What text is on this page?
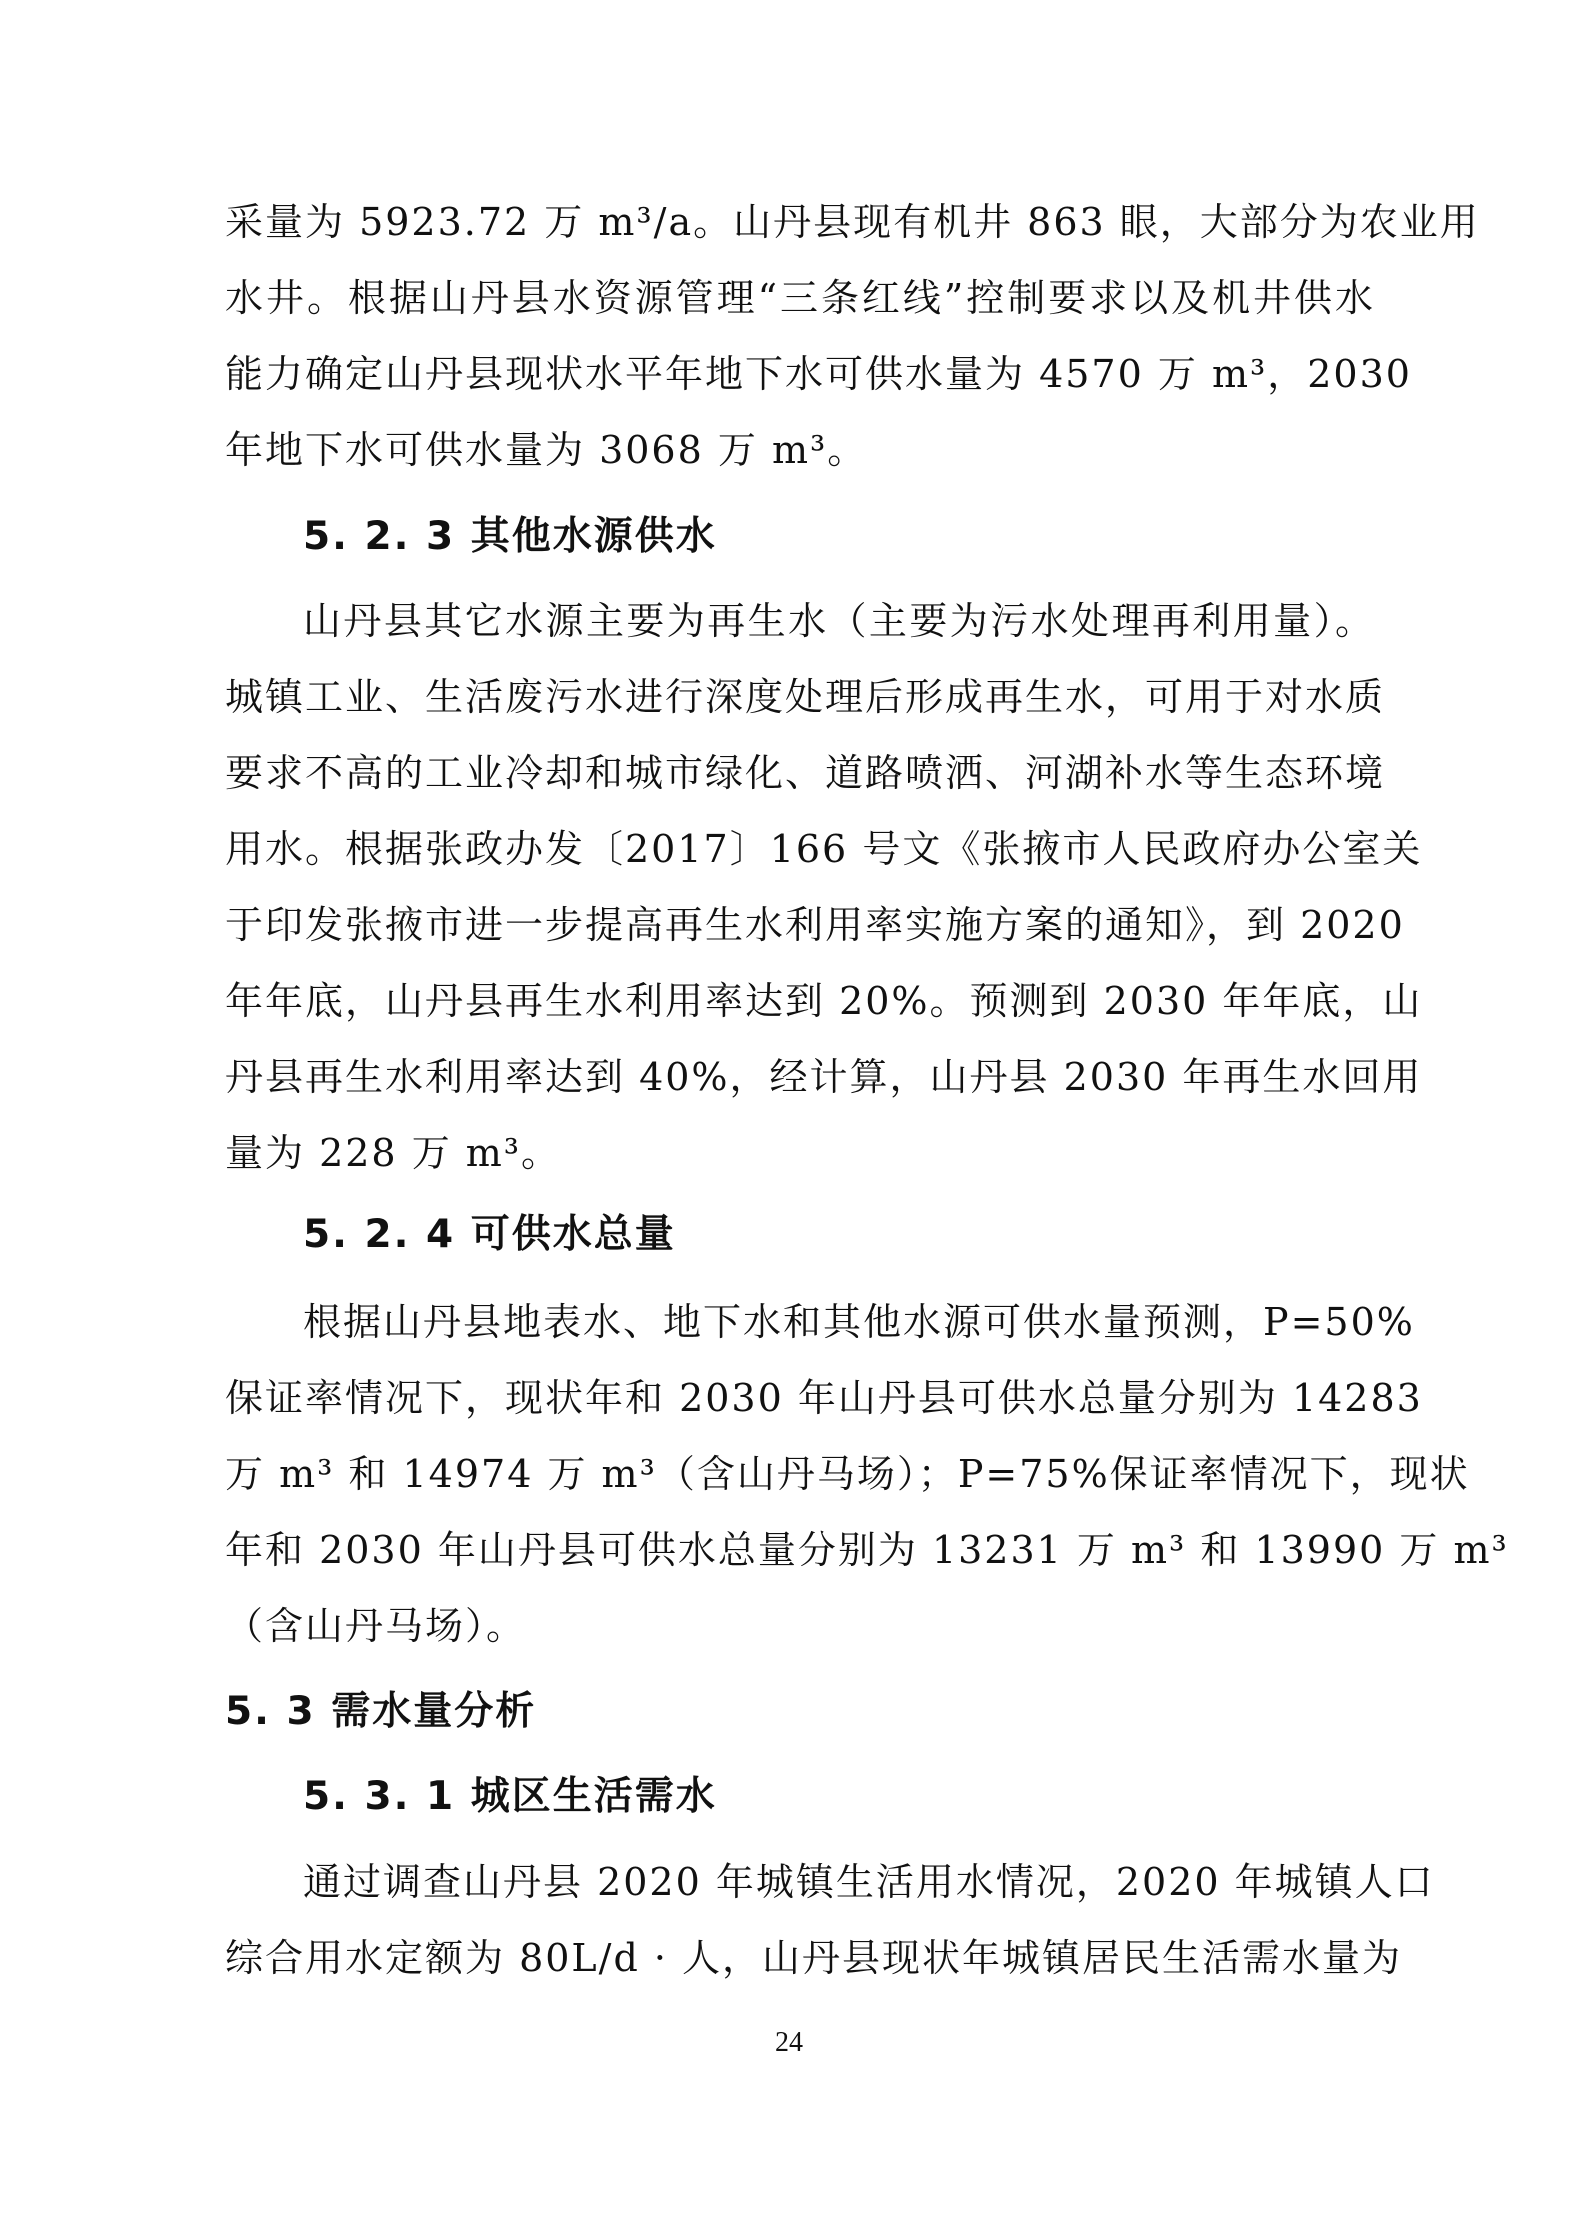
采量为 5923.72 万 m³/a。山丹县现有机井 863 眼，大部分为农业用
水井。根据山丹县水资源管理“三条红线”控制要求以及机井供水
能力确定山丹县现状水平年地下水可供水量为 4570 万 m³，2030
年地下水可供水量为 3068 万 m³。
5. 2. 3 其他水源供水
山丹县其它水源主要为再生水（主要为污水处理再利用量）。
城镇工业、生活废污水进行深度处理后形成再生水，可用于对水质
要求不高的工业冷却和城市绿化、道路喷洒、河湖补水等生态环境
用水。根据张政办发〔2017〕166 号文《张掖市人民政府办公室关
于印发张掖市进一步提高再生水利用率实施方案的通知》，到 2020
年年底，山丹县再生水利用率达到 20%。预测到 2030 年年底，山
丹县再生水利用率达到 40%，经计算，山丹县 2030 年再生水回用
量为 228 万 m³。
5. 2. 4 可供水总量
根据山丹县地表水、地下水和其他水源可供水量预测，P=50%
保证率情况下，现状年和 2030 年山丹县可供水总量分别为 14283
万 m³ 和 14974 万 m³（含山丹马场）；P=75%保证率情况下，现状
年和 2030 年山丹县可供水总量分别为 13231 万 m³ 和 13990 万 m³
（含山丹马场）。
5. 3 需水量分析
5. 3. 1 城区生活需水
通过调查山丹县 2020 年城镇生活用水情况，2020 年城镇人口
综合用水定额为 80L/d · 人，山丹县现状年城镇居民生活需水量为
24
